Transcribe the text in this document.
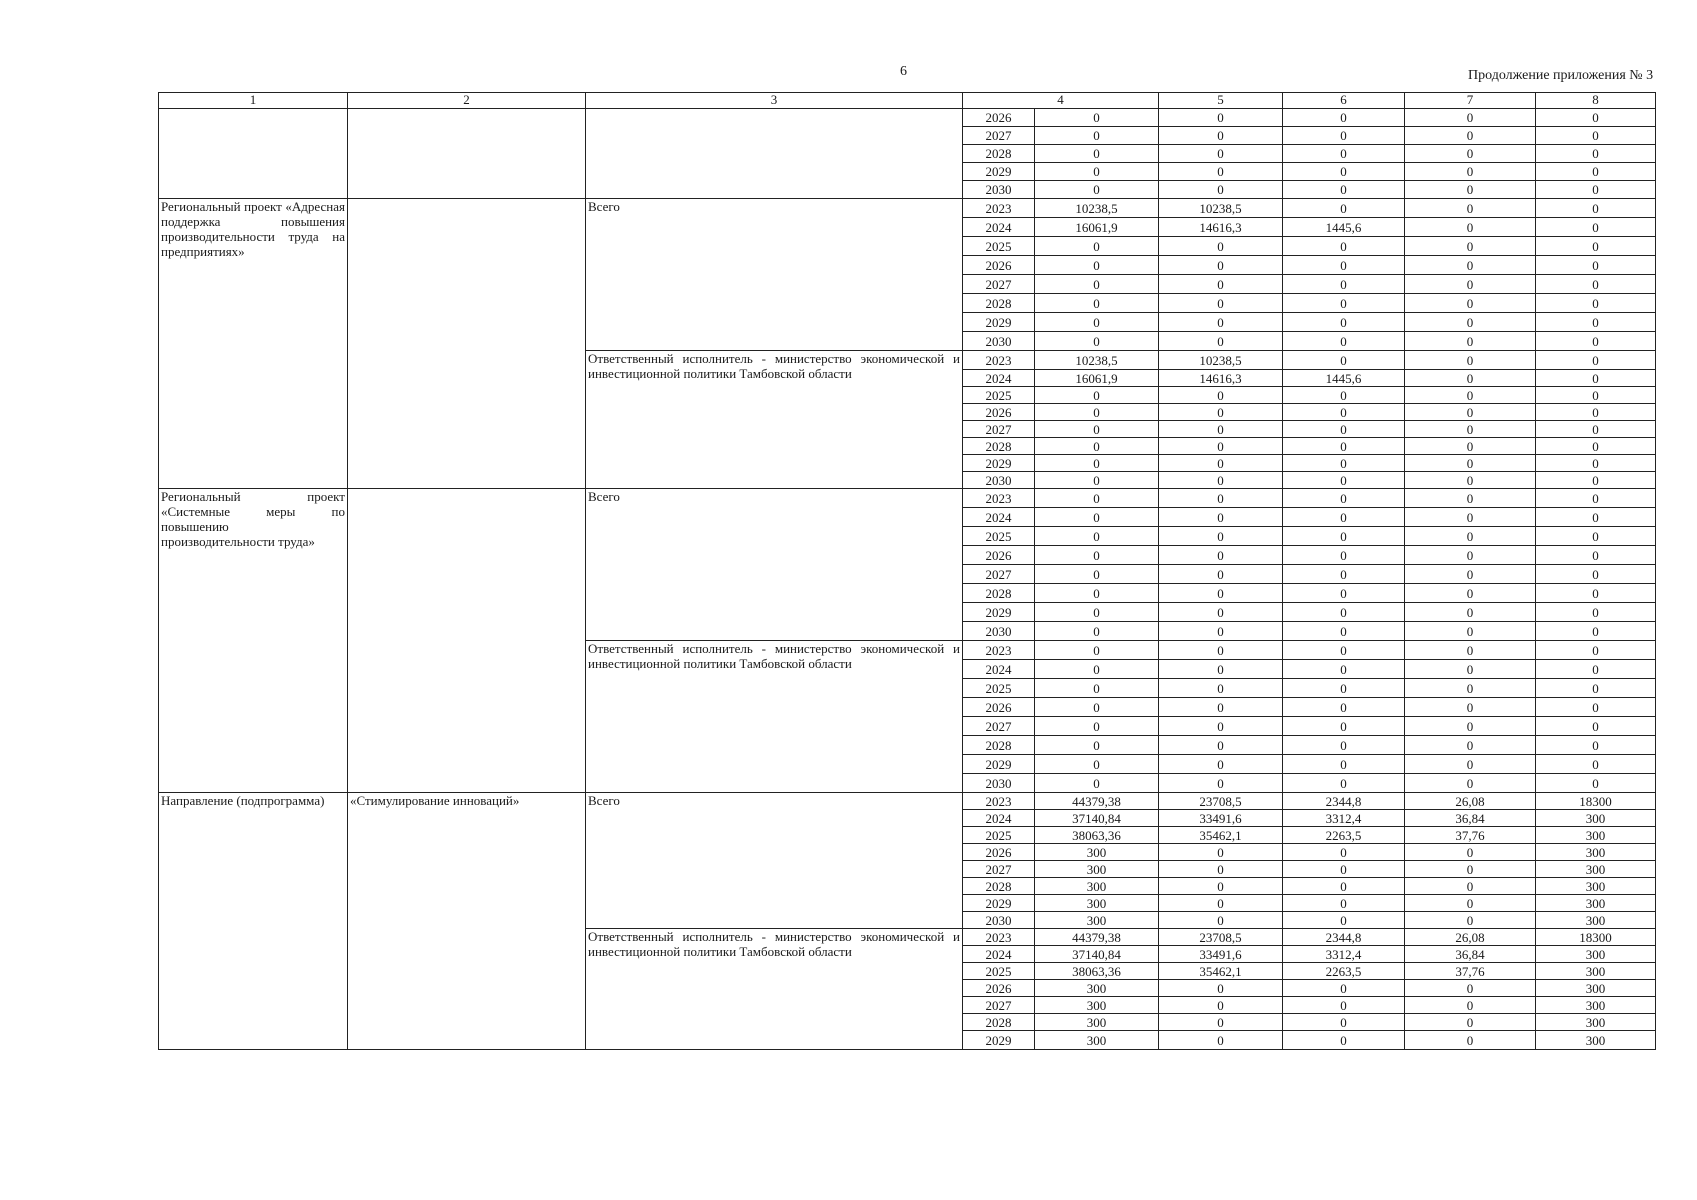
6	Продолжение приложения № 3
1	2	3	4		5	6	7	8
			2026	0	0	0	0	0
			2027	0	0	0	0	0
			2028	0	0	0	0	0
			2029	0	0	0	0	0
			2030	0	0	0	0	0
Региональный проект «Адресная поддержка повышения производительности труда на предприятиях»		Всего	2023	10238,5	10238,5	0	0	0
			2024	16061,9	14616,3	1445,6	0	0
			2025	0	0	0	0	0
			2026	0	0	0	0	0
			2027	0	0	0	0	0
			2028	0	0	0	0	0
			2029	0	0	0	0	0
			2030	0	0	0	0	0
		Ответственный исполнитель - министерство экономической и инвестиционной политики Тамбовской области	2023	10238,5	10238,5	0	0	0
			2024	16061,9	14616,3	1445,6	0	0
			2025	0	0	0	0	0
			2026	0	0	0	0	0
			2027	0	0	0	0	0
			2028	0	0	0	0	0
			2029	0	0	0	0	0
			2030	0	0	0	0	0
Региональный проект «Системные меры по повышению производительности труда»		Всего	2023	0	0	0	0	0
			2024	0	0	0	0	0
			2025	0	0	0	0	0
			2026	0	0	0	0	0
			2027	0	0	0	0	0
			2028	0	0	0	0	0
			2029	0	0	0	0	0
			2030	0	0	0	0	0
		Ответственный исполнитель - министерство экономической и инвестиционной политики Тамбовской области	2023	0	0	0	0	0
			2024	0	0	0	0	0
			2025	0	0	0	0	0
			2026	0	0	0	0	0
			2027	0	0	0	0	0
			2028	0	0	0	0	0
			2029	0	0	0	0	0
			2030	0	0	0	0	0
Направление (подпрограмма)	«Стимулирование инноваций»	Всего	2023	44379,38	23708,5	2344,8	26,08	18300
			2024	37140,84	33491,6	3312,4	36,84	300
			2025	38063,36	35462,1	2263,5	37,76	300
			2026	300	0	0	0	300
			2027	300	0	0	0	300
			2028	300	0	0	0	300
			2029	300	0	0	0	300
			2030	300	0	0	0	300
		Ответственный исполнитель - министерство экономической и инвестиционной политики Тамбовской области	2023	44379,38	23708,5	2344,8	26,08	18300
			2024	37140,84	33491,6	3312,4	36,84	300
			2025	38063,36	35462,1	2263,5	37,76	300
			2026	300	0	0	0	300
			2027	300	0	0	0	300
			2028	300	0	0	0	300
			2029	300	0	0	0	300
